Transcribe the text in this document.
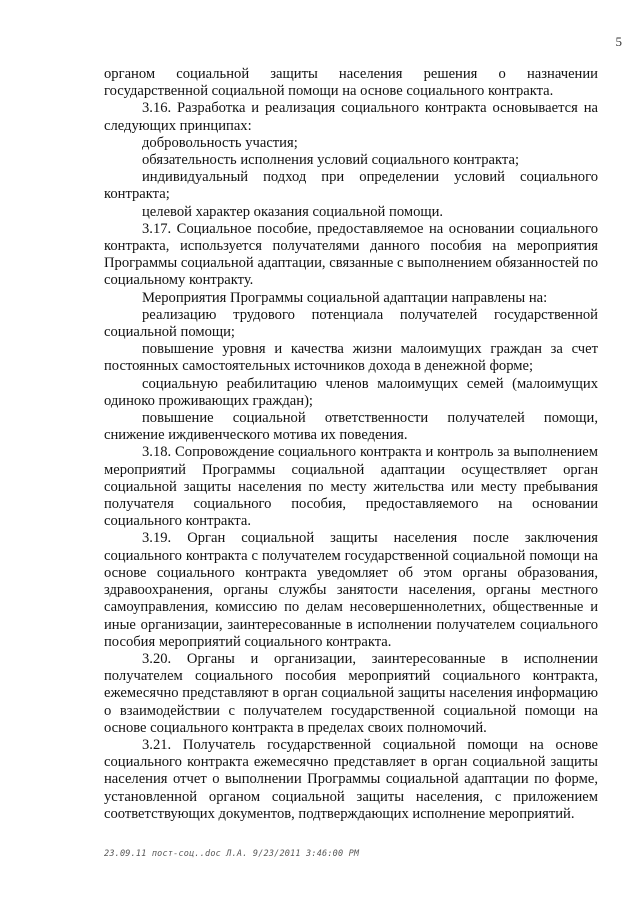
5

органом социальной защиты населения решения о назначении государственной социальной помощи на основе социального контракта.

3.16. Разработка и реализация социального контракта основывается на следующих принципах:

добровольность участия;

обязательность исполнения условий социального контракта;

индивидуальный подход при определении условий социального контракта;

целевой характер оказания социальной помощи.

3.17. Социальное пособие, предоставляемое на основании социального контракта, используется получателями данного пособия на мероприятия Программы социальной адаптации, связанные с выполнением обязанностей по социальному контракту.

Мероприятия Программы социальной адаптации направлены на:

реализацию трудового потенциала получателей государственной социальной помощи;

повышение уровня и качества жизни малоимущих граждан за счет постоянных самостоятельных источников дохода в денежной форме;

социальную реабилитацию членов малоимущих семей (малоимущих одиноко проживающих граждан);

повышение социальной ответственности получателей помощи, снижение иждивенческого мотива их поведения.

3.18. Сопровождение социального контракта и контроль за выполнением мероприятий Программы социальной адаптации осуществляет орган социальной защиты населения по месту жительства или месту пребывания получателя социального пособия, предоставляемого на основании социального контракта.

3.19. Орган социальной защиты населения после заключения социального контракта с получателем государственной социальной помощи на основе социального контракта уведомляет об этом органы образования, здравоохранения, органы службы занятости населения, органы местного самоуправления, комиссию по делам несовершеннолетних, общественные и иные организации, заинтересованные в исполнении получателем социального пособия мероприятий социального контракта.

3.20. Органы и организации, заинтересованные в исполнении получателем социального пособия мероприятий социального контракта, ежемесячно представляют в орган социальной защиты населения информацию о взаимодействии с получателем государственной социальной помощи на основе социального контракта в пределах своих полномочий.

3.21. Получатель государственной социальной помощи на основе социального контракта ежемесячно представляет в орган социальной защиты населения отчет о выполнении Программы социальной адаптации по форме, установленной органом социальной защиты населения, с приложением соответствующих документов, подтверждающих исполнение мероприятий.

23.09.11 пост-соц..doc Л.А. 9/23/2011 3:46:00 PM
